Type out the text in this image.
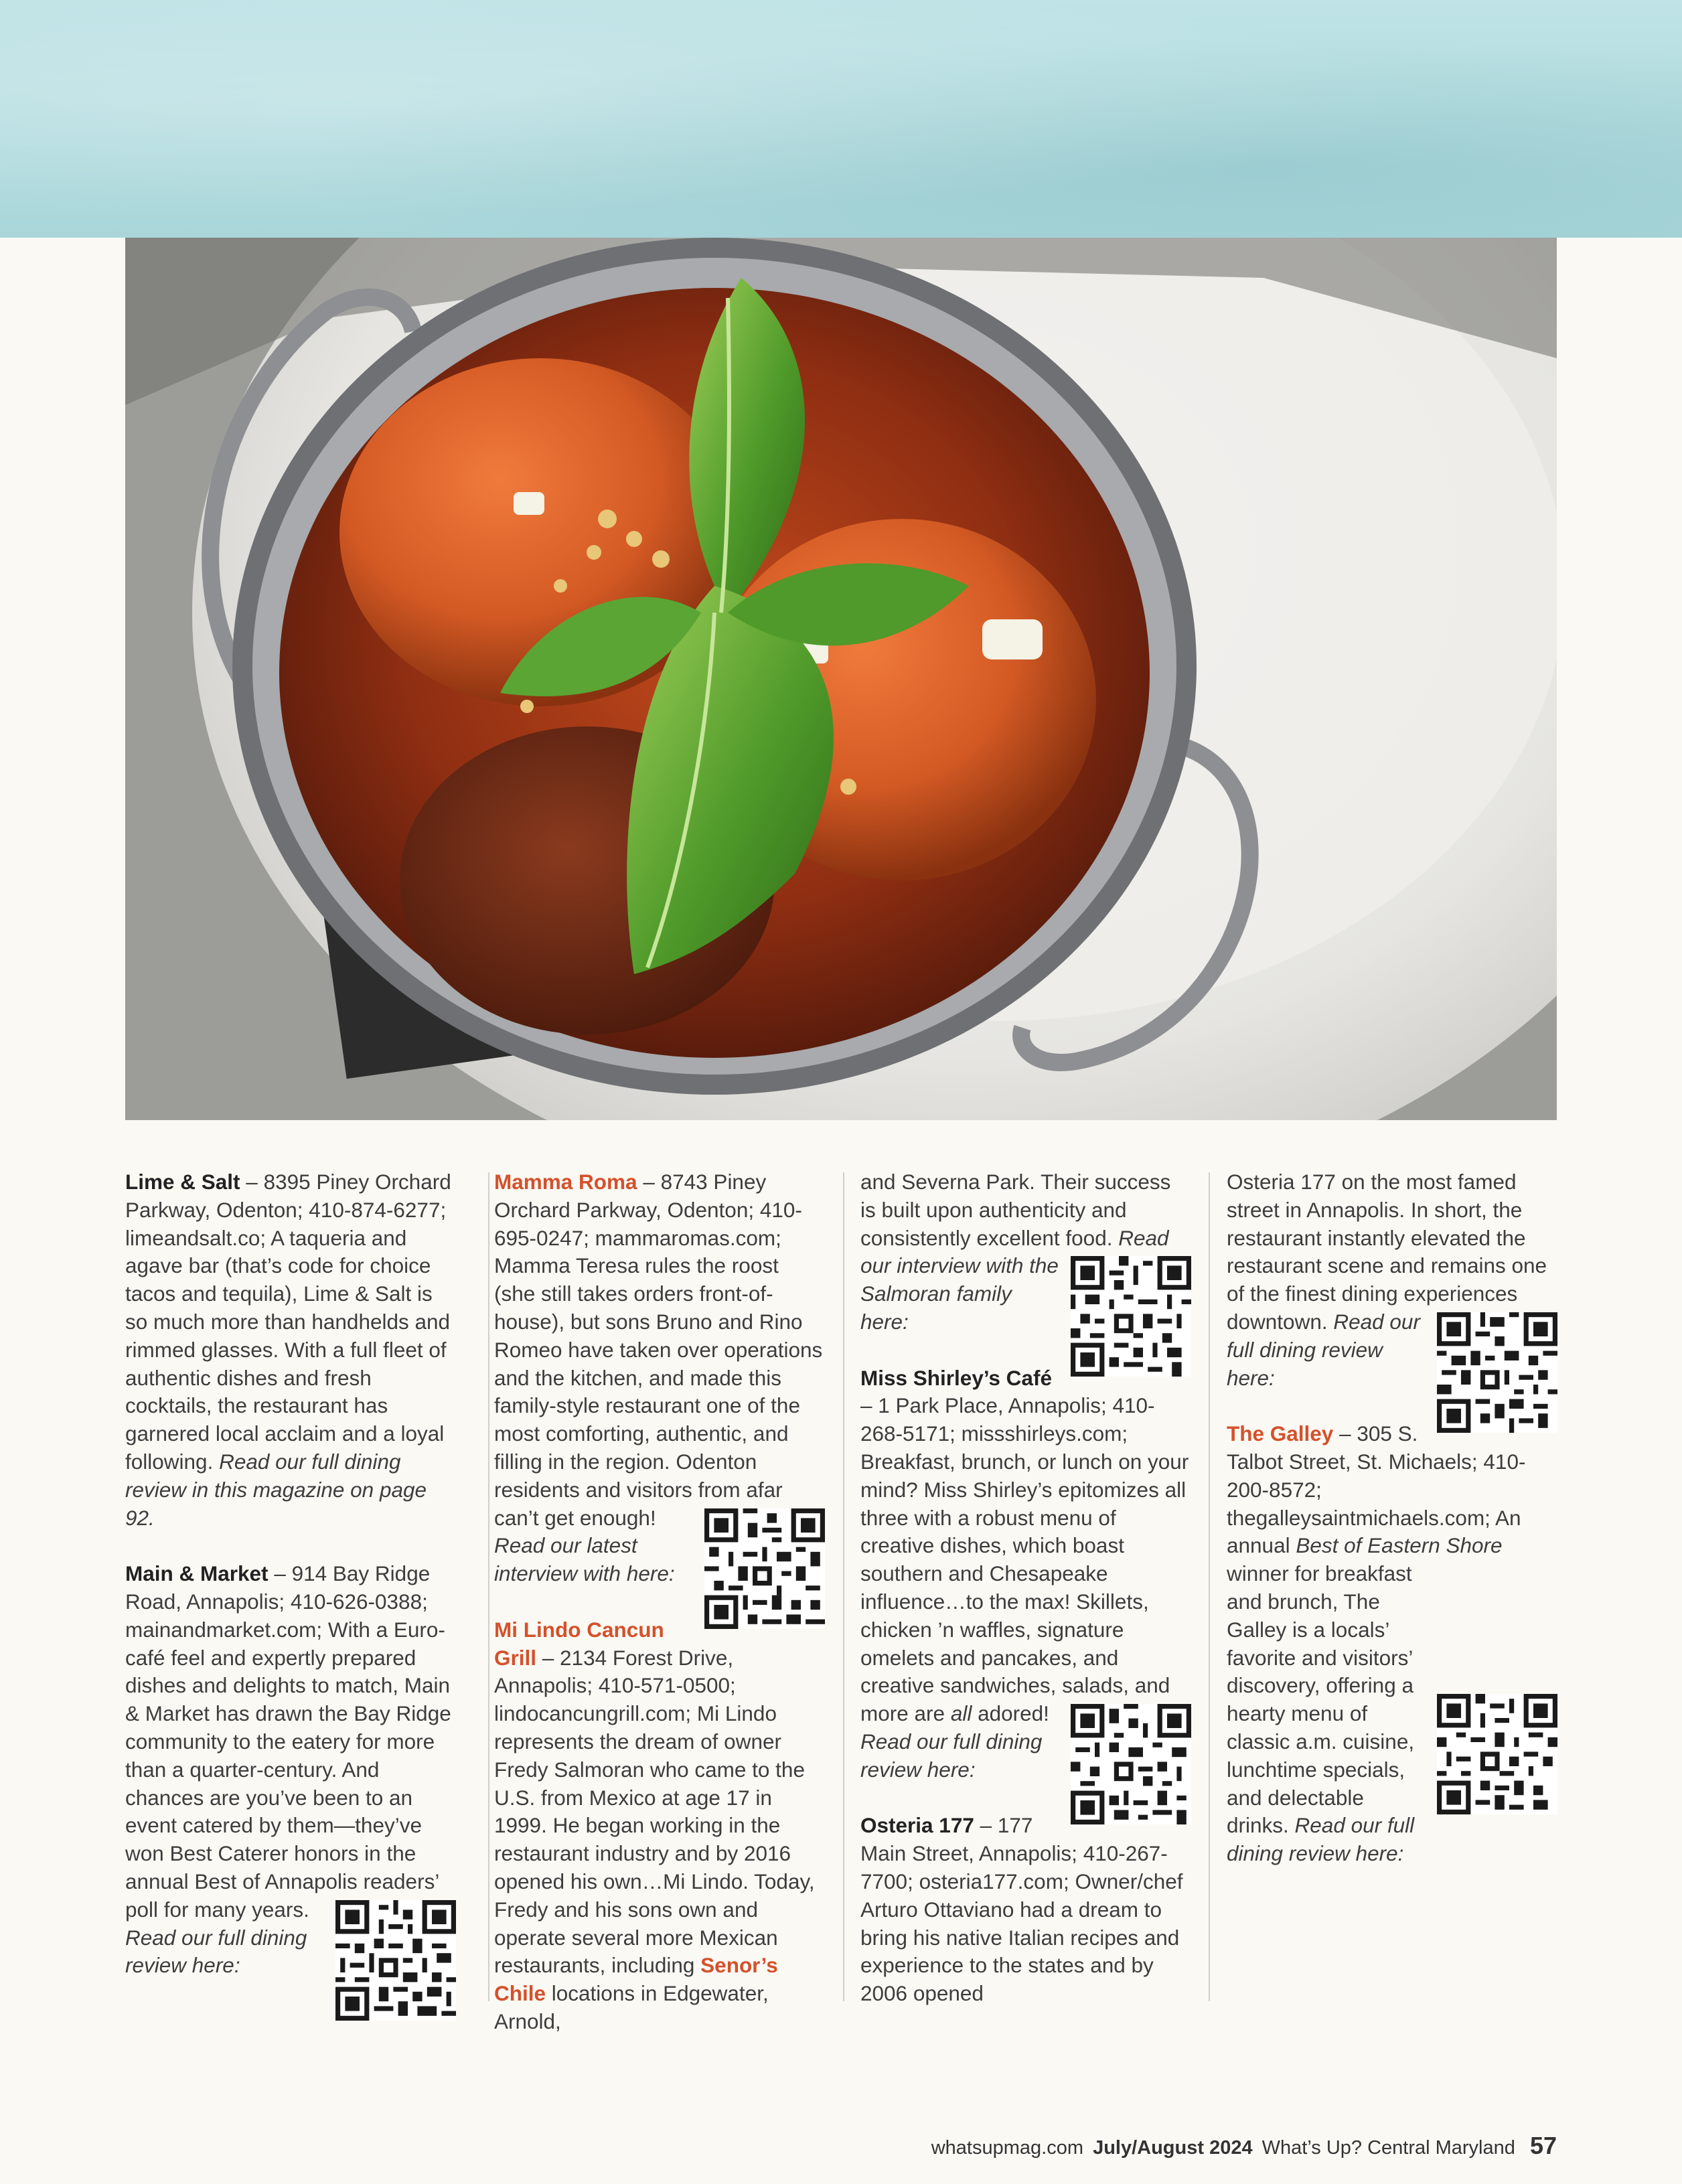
Lime & Salt – 8395 Piney Orchard Parkway, Odenton; 410-874-6277; limeandsalt.co; A taqueria and agave bar (that’s code for choice tacos and tequila), Lime & Salt is so much more than handhelds and rimmed glasses. With a full fleet of authentic dishes and fresh cocktails, the restaurant has garnered local acclaim and a loyal following. Read our full dining review in this magazine on page 92.

Main & Market – 914 Bay Ridge Road, Annapolis; 410-626-0388; mainandmarket.com; With a Euro-café feel and expertly prepared dishes and delights to match, Main & Market has drawn the Bay Ridge community to the eatery for more than a quarter-century. And chances are you’ve been to an event catered by them—they’ve won Best Caterer honors in the annual Best of Annapolis readers’ poll for many years.
Read our full dining review here:

Mamma Roma – 8743 Piney Orchard Parkway, Odenton; 410-695-0247; mammaromas.com; Mamma Teresa rules the roost (she still takes orders front-of-house), but sons Bruno and Rino Romeo have taken over operations and the kitchen, and made this family-style restaurant one of the most comforting, authentic, and filling in the region. Odenton residents and visitors from afar can’t get enough!
Read our latest interview with here:

Mi Lindo Cancun Grill – 2134 Forest Drive, Annapolis; 410-571-0500; lindocancungrill.com; Mi Lindo represents the dream of owner Fredy Salmoran who came to the U.S. from Mexico at age 17 in 1999. He began working in the restaurant industry and by 2016 opened his own…Mi Lindo. Today, Fredy and his sons own and operate several more Mexican restaurants, including Senor’s Chile locations in Edgewater, Arnold,

and Severna Park. Their success is built upon authenticity and consistently excellent food.
Read our interview with the Salmoran family here:

Miss Shirley’s Café – 1 Park Place, Annapolis; 410-268-5171; missshirleys.com; Breakfast, brunch, or lunch on your mind? Miss Shirley’s epitomizes all three with a robust menu of creative dishes, which boast southern and Chesapeake influence…to the max! Skillets, chicken ’n waffles, signature omelets and pancakes, and creative sandwiches, salads, and more are
all adored! Read our full dining review here:

Osteria 177 – 177 Main Street, Annapolis; 410-267-7700; osteria177.com; Owner/chef Arturo Ottaviano had a dream to bring his native Italian recipes and experience to the states and by 2006 opened

Osteria 177 on the most famed street in Annapolis. In short, the restaurant instantly elevated the restaurant scene and remains one of the finest dining experiences downtown.
Read our full dining review here:

The Galley – 305 S. Talbot Street, St. Michaels; 410-200-8572; thegalleysaintmichaels.com; An annual Best of Eastern Shore
winner for breakfast and brunch, The Galley is a locals’ favorite and visitors’ discovery, offering a hearty menu of classic a.m. cuisine, lunchtime specials, and delectable drinks. Read our full dining review here:

whatsupmag.com July/August 2024 What’s Up? Central Maryland 57
